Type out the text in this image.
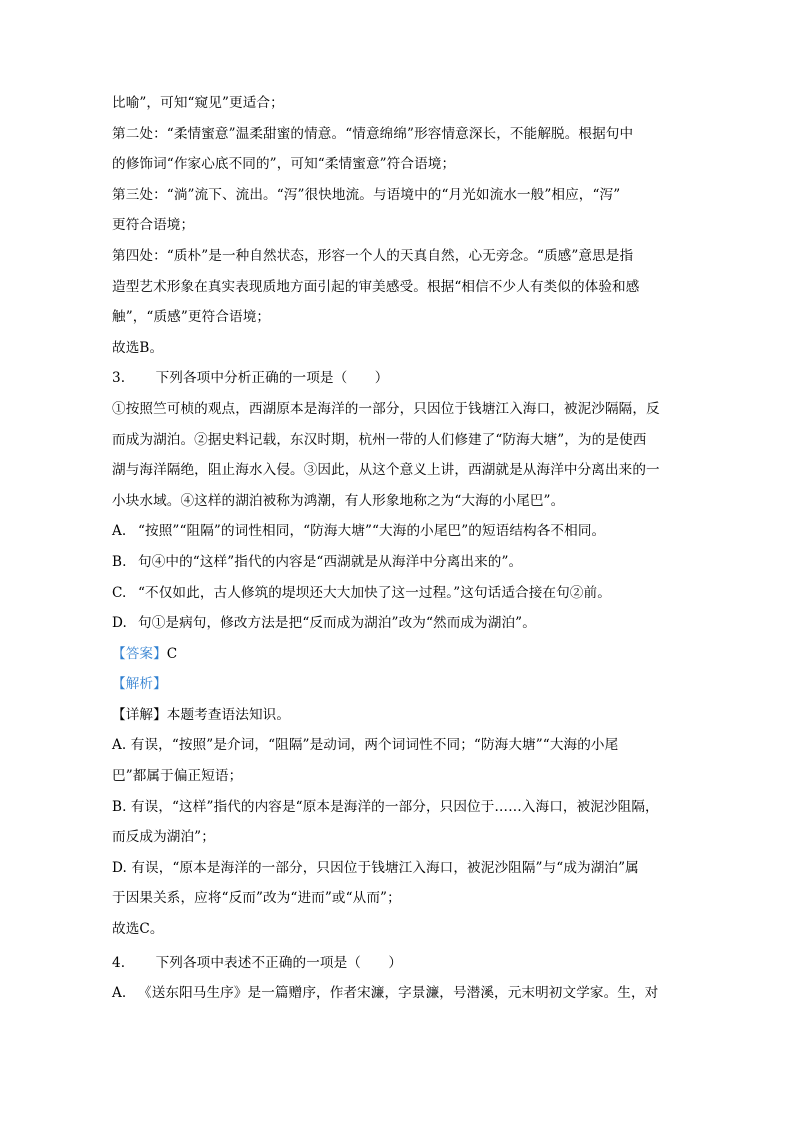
比喻”，可知“窥见”更适合；

第二处：“柔情蜜意”温柔甜蜜的情意。“情意绵绵”形容情意深长，不能解脱。根据句中

的修饰词“作家心底不同的”，可知“柔情蜜意”符合语境；

第三处：“淌”流下、流出。“泻”很快地流。与语境中的“月光如流水一般”相应，“泻”

更符合语境；

第四处：“质朴”是一种自然状态，形容一个人的天真自然，心无旁念。“质感”意思是指

造型艺术形象在真实表现质地方面引起的审美感受。根据“相信不少人有类似的体验和感

触”，“质感”更符合语境；

故选B。

3. 下列各项中分析正确的一项是（　　）

①按照竺可桢的观点，西湖原本是海洋的一部分，只因位于钱塘江入海口，被泥沙隔隔，反

而成为湖泊。②据史料记载，东汉时期，杭州一带的人们修建了“防海大塘”，为的是使西

湖与海洋隔绝，阻止海水入侵。③因此，从这个意义上讲，西湖就是从海洋中分离出来的一

小块水域。④这样的湖泊被称为鸿潮，有人形象地称之为“大海的小尾巴”。

A. “按照”“阻隔”的词性相同，“防海大塘”“大海的小尾巴”的短语结构各不相同。

B. 句④中的“这样”指代的内容是“西湖就是从海洋中分离出来的”。

C. “不仅如此，古人修筑的堤坝还大大加快了这一过程。”这句话适合接在句②前。

D. 句①是病句，修改方法是把“反而成为湖泊”改为“然而成为湖泊”。

【答案】C

【解析】

【详解】本题考查语法知识。

A. 有误，“按照”是介词，“阻隔”是动词，两个词词性不同；“防海大塘”“大海的小尾

巴”都属于偏正短语；

B. 有误，“这样”指代的内容是“原本是海洋的一部分，只因位于……入海口，被泥沙阻隔，

而反成为湖泊”；

D. 有误，“原本是海洋的一部分，只因位于钱塘江入海口，被泥沙阻隔”与“成为湖泊”属

于因果关系，应将“反而”改为“进而”或“从而”；

故选C。

4. 下列各项中表述不正确的一项是（　　）

A. 《送东阳马生序》是一篇赠序，作者宋濂，字景濂，号潜溪，元末明初文学家。生，对
